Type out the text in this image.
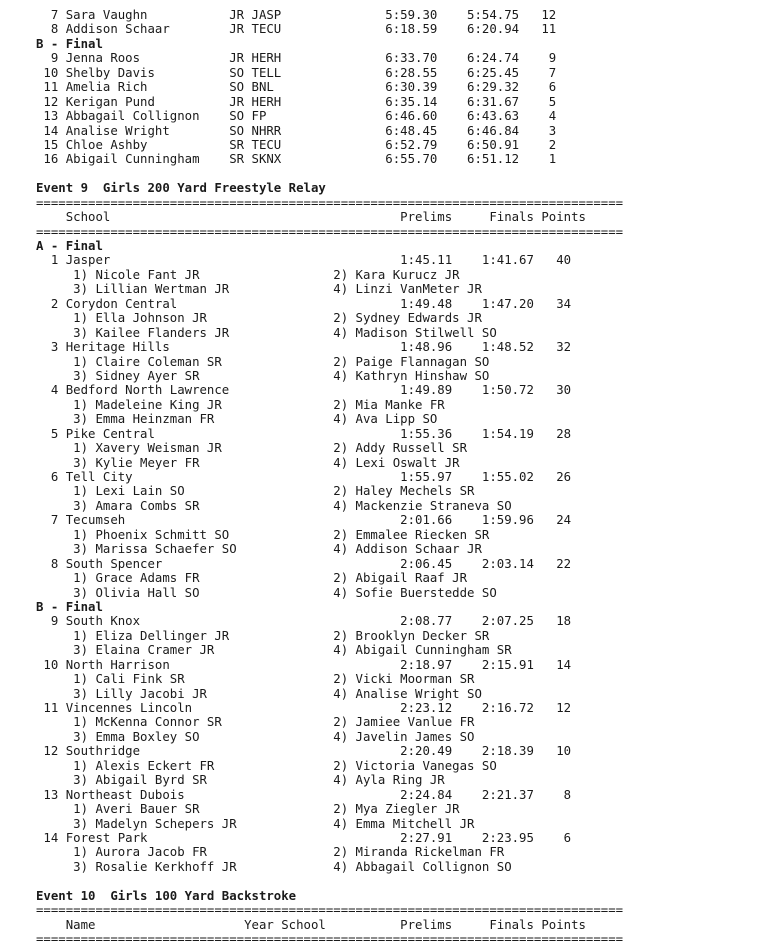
7 Sara Vaughn           JR JASP              5:59.30    5:54.75   12
8 Addison Schaar        JR TECU              6:18.59    6:20.94   11
B - Final
9 Jenna Roos            JR HERH              6:33.70    6:24.74    9
10 Shelby Davis          SO TELL              6:28.55    6:25.45    7
11 Amelia Rich           SO BNL               6:30.39    6:29.32    6
12 Kerigan Pund          JR HERH              6:35.14    6:31.67    5
13 Abbagail Collignon    SO FP                6:46.60    6:43.63    4
14 Analise Wright        SO NHRR              6:48.45    6:46.84    3
15 Chloe Ashby           SR TECU              6:52.79    6:50.91    2
16 Abigail Cunningham    SR SKNX              6:55.70    6:51.12    1
Event 9  Girls 200 Yard Freestyle Relay
===============================================================================
School                                       Prelims     Finals Points
===============================================================================
A - Final
1 Jasper                                       1:45.11    1:41.67   40
1) Nicole Fant JR                  2) Kara Kurucz JR
3) Lillian Wertman JR              4) Linzi VanMeter JR
2 Corydon Central                              1:49.48    1:47.20   34
1) Ella Johnson JR                 2) Sydney Edwards JR
3) Kailee Flanders JR              4) Madison Stilwell SO
3 Heritage Hills                               1:48.96    1:48.52   32
1) Claire Coleman SR               2) Paige Flannagan SO
3) Sidney Ayer SR                  4) Kathryn Hinshaw SO
4 Bedford North Lawrence                       1:49.89    1:50.72   30
1) Madeleine King JR               2) Mia Manke FR
3) Emma Heinzman FR                4) Ava Lipp SO
5 Pike Central                                 1:55.36    1:54.19   28
1) Xavery Weisman JR               2) Addy Russell SR
3) Kylie Meyer FR                  4) Lexi Oswalt JR
6 Tell City                                    1:55.97    1:55.02   26
1) Lexi Lain SO                    2) Haley Mechels SR
3) Amara Combs SR                  4) Mackenzie Straneva SO
7 Tecumseh                                     2:01.66    1:59.96   24
1) Phoenix Schmitt SO              2) Emmalee Riecken SR
3) Marissa Schaefer SO             4) Addison Schaar JR
8 South Spencer                                2:06.45    2:03.14   22
1) Grace Adams FR                  2) Abigail Raaf JR
3) Olivia Hall SO                  4) Sofie Buerstedde SO
B - Final
9 South Knox                                   2:08.77    2:07.25   18
1) Eliza Dellinger JR              2) Brooklyn Decker SR
3) Elaina Cramer JR                4) Abigail Cunningham SR
10 North Harrison                               2:18.97    2:15.91   14
1) Cali Fink SR                    2) Vicki Moorman SR
3) Lilly Jacobi JR                 4) Analise Wright SO
11 Vincennes Lincoln                            2:23.12    2:16.72   12
1) McKenna Connor SR               2) Jamiee Vanlue FR
3) Emma Boxley SO                  4) Javelin James SO
12 Southridge                                   2:20.49    2:18.39   10
1) Alexis Eckert FR                2) Victoria Vanegas SO
3) Abigail Byrd SR                 4) Ayla Ring JR
13 Northeast Dubois                             2:24.84    2:21.37    8
1) Averi Bauer SR                  2) Mya Ziegler JR
3) Madelyn Schepers JR             4) Emma Mitchell JR
14 Forest Park                                  2:27.91    2:23.95    6
1) Aurora Jacob FR                 2) Miranda Rickelman FR
3) Rosalie Kerkhoff JR             4) Abbagail Collignon SO
Event 10  Girls 100 Yard Backstroke
===============================================================================
Name                    Year School          Prelims     Finals Points
===============================================================================
